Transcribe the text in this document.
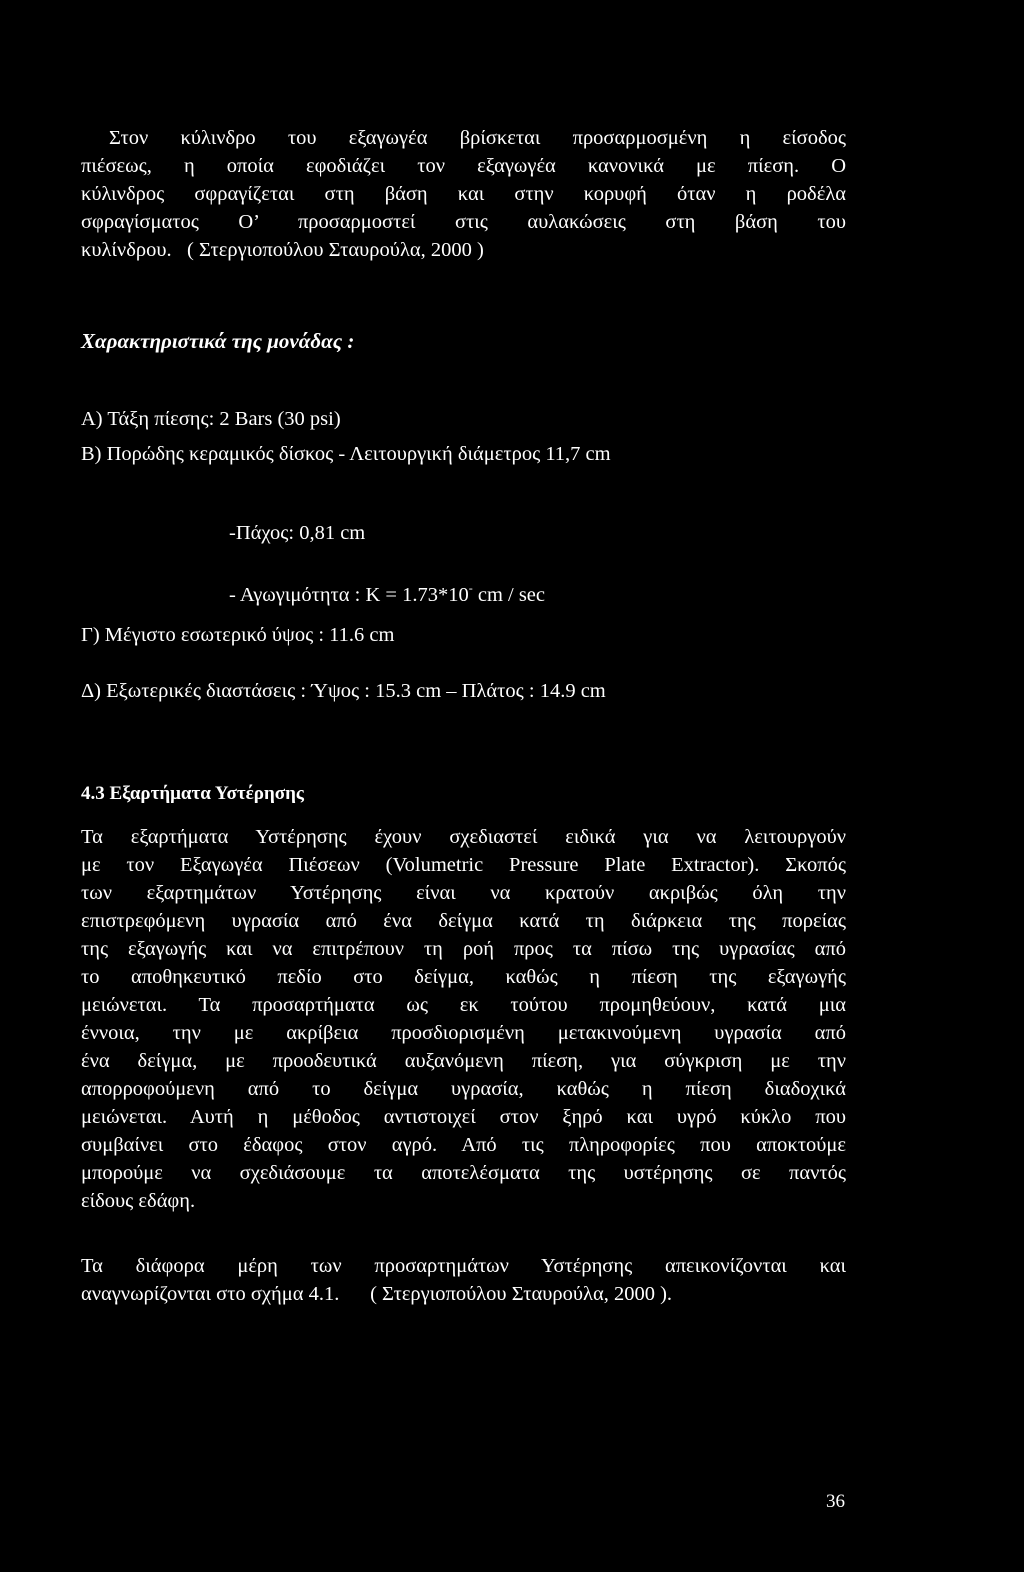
Στον κύλινδρο του εξαγωγέα βρίσκεται προσαρμοσμένη η είσοδος
πιέσεως, η οποία εφοδιάζει τον εξαγωγέα κανονικά με πίεση. Ο
κύλινδρος σφραγίζεται στη βάση και στην κορυφή όταν η ροδέλα
σφραγίσματος Ο’ προσαρμοστεί στις αυλακώσεις στη βάση του
κυλίνδρου.   ( Στεργιοπούλου Σταυρούλα, 2000 )
Χαρακτηριστικά της μονάδας :
Α) Τάξη πίεσης: 2 Bars (30 psi)
Β) Πορώδης κεραμικός δίσκος - Λειτουργική διάμετρος 11,7 cm
-Πάχος: 0,81 cm
- Αγωγιμότητα : K = 1.73*10- cm / sec
Γ) Μέγιστο εσωτερικό ύψος : 11.6 cm
Δ) Εξωτερικές διαστάσεις : Ύψος : 15.3 cm – Πλάτος : 14.9 cm
4.3 Εξαρτήματα Υστέρησης
Τα εξαρτήματα Υστέρησης έχουν σχεδιαστεί ειδικά για να λειτουργούν
με τον Εξαγωγέα Πιέσεων (Volumetric Pressure Plate Extractor). Σκοπός
των εξαρτημάτων Υστέρησης είναι να κρατούν ακριβώς όλη την
επιστρεφόμενη υγρασία από ένα δείγμα κατά τη διάρκεια της πορείας
της εξαγωγής και να επιτρέπουν τη ροή προς τα πίσω της υγρασίας από
το αποθηκευτικό πεδίο στο δείγμα, καθώς η πίεση της εξαγωγής
μειώνεται. Τα προσαρτήματα ως εκ τούτου προμηθεύουν, κατά μια
έννοια, την με ακρίβεια προσδιορισμένη μετακινούμενη υγρασία από
ένα δείγμα, με προοδευτικά αυξανόμενη πίεση, για σύγκριση με την
απορροφούμενη από το δείγμα υγρασία, καθώς η πίεση διαδοχικά
μειώνεται. Αυτή η μέθοδος αντιστοιχεί στον ξηρό και υγρό κύκλο που
συμβαίνει στο έδαφος στον αγρό. Από τις πληροφορίες που αποκτούμε
μπορούμε να σχεδιάσουμε τα αποτελέσματα της υστέρησης σε παντός
είδους εδάφη.
Τα διάφορα μέρη των προσαρτημάτων Υστέρησης απεικονίζονται και
αναγνωρίζονται στο σχήμα 4.1.      ( Στεργιοπούλου Σταυρούλα, 2000 ).
36
